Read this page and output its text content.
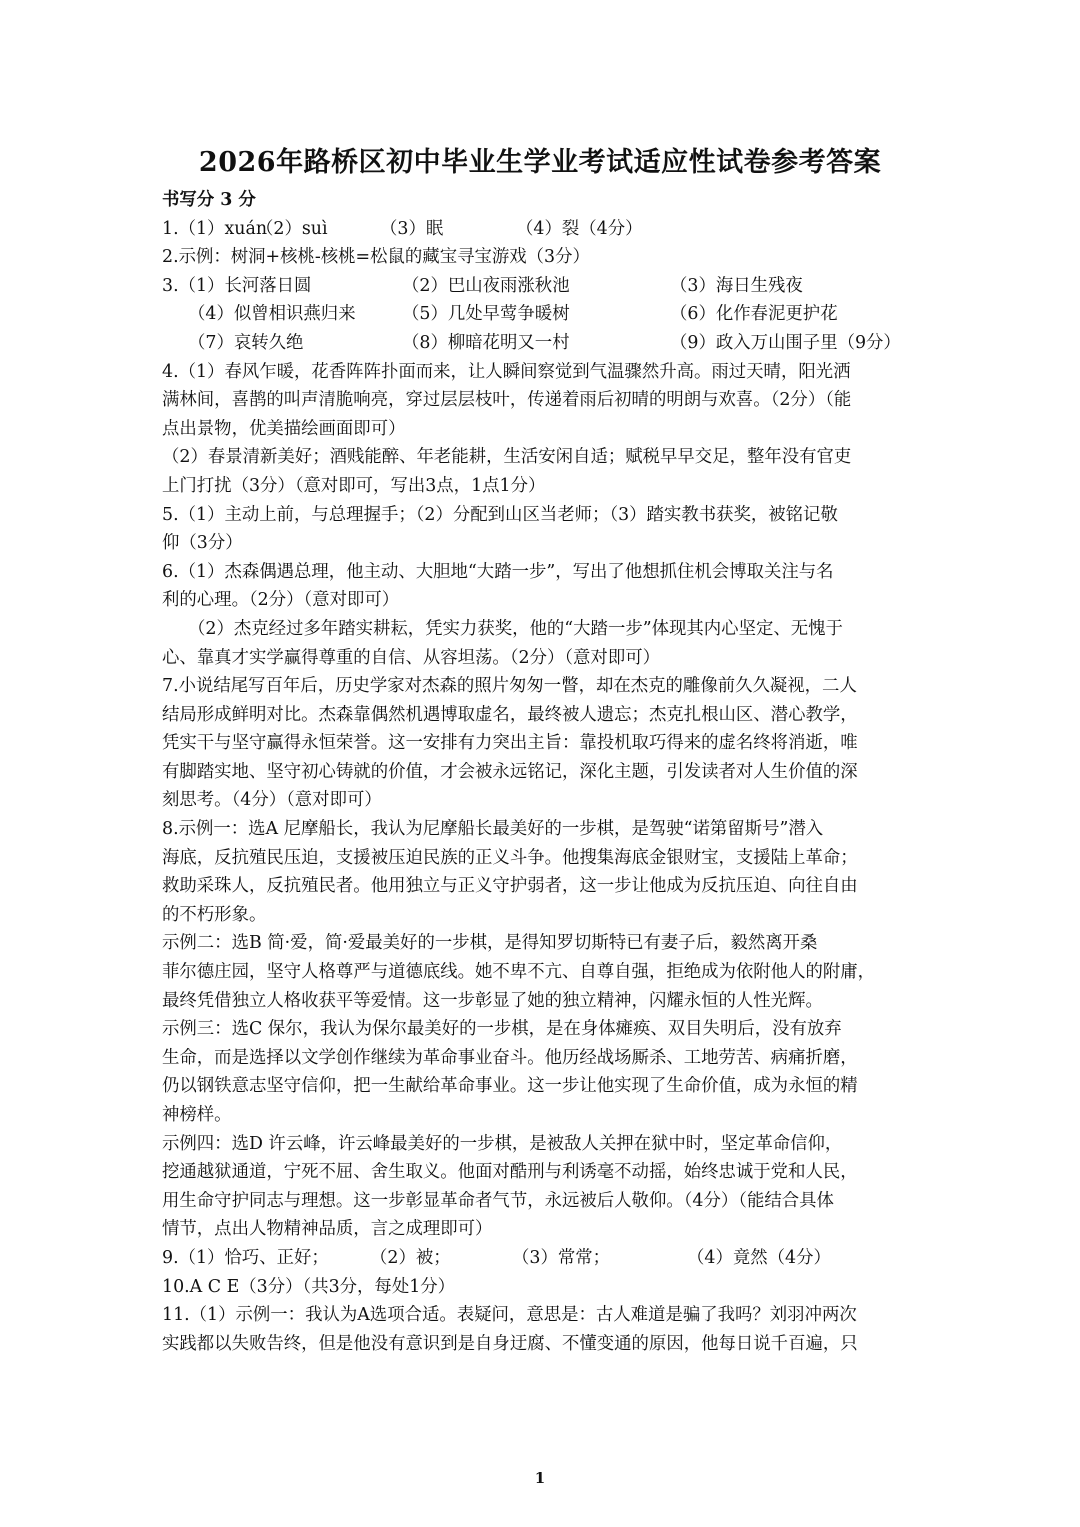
2026年路桥区初中毕业生学业考试适应性试卷参考答案
书写分 3 分
1.（1）xuán
（2）suì	（3）眠	（4）裂（4分）
2.示例：树洞+核桃-核桃=松鼠的藏宝寻宝游戏（3分）
3.（1）长河落日圆	（2）巴山夜雨涨秋池	（3）海日生残夜
（4）似曾相识燕归来	（5）几处早莺争暖树	（6）化作春泥更护花
（7）哀转久绝	（8）柳暗花明又一村	（9）政入万山围子里（9分）
4.（1）春风乍暖，花香阵阵扑面而来，让人瞬间察觉到气温骤然升高。雨过天晴，阳光洒
满林间，喜鹊的叫声清脆响亮，穿过层层枝叶，传递着雨后初晴的明朗与欢喜。（2分）（能
点出景物，优美描绘画面即可）
（2）春景清新美好；酒贱能醉、年老能耕，生活安闲自适；赋税早早交足，整年没有官吏
上门打扰（3分）（意对即可，写出3点，1点1分）
5.（1）主动上前，与总理握手；（2）分配到山区当老师；（3）踏实教书获奖，被铭记敬
仰（3分）
6.（1）杰森偶遇总理，他主动、大胆地“大踏一步”，写出了他想抓住机会博取关注与名
利的心理。（2分）（意对即可）
（2）杰克经过多年踏实耕耘，凭实力获奖，他的“大踏一步”体现其内心坚定、无愧于
心、靠真才实学赢得尊重的自信、从容坦荡。（2分）（意对即可）
7.小说结尾写百年后，历史学家对杰森的照片匆匆一瞥，却在杰克的雕像前久久凝视，二人
结局形成鲜明对比。杰森靠偶然机遇博取虚名，最终被人遗忘；杰克扎根山区、潜心教学，
凭实干与坚守赢得永恒荣誉。这一安排有力突出主旨：靠投机取巧得来的虚名终将消逝，唯
有脚踏实地、坚守初心铸就的价值，才会被永远铭记，深化主题，引发读者对人生价值的深
刻思考。（4分）（意对即可）
8.示例一：选A 尼摩船长，我认为尼摩船长最美好的一步棋，是驾驶“诺第留斯号”潜入
海底，反抗殖民压迫，支援被压迫民族的正义斗争。他搜集海底金银财宝，支援陆上革命；
救助采珠人，反抗殖民者。他用独立与正义守护弱者，这一步让他成为反抗压迫、向往自由
的不朽形象。
示例二：选B 简·爱，简·爱最美好的一步棋，是得知罗切斯特已有妻子后，毅然离开桑
菲尔德庄园，坚守人格尊严与道德底线。她不卑不亢、自尊自强，拒绝成为依附他人的附庸，
最终凭借独立人格收获平等爱情。这一步彰显了她的独立精神，闪耀永恒的人性光辉。
示例三：选C 保尔，我认为保尔最美好的一步棋，是在身体瘫痪、双目失明后，没有放弃
生命，而是选择以文学创作继续为革命事业奋斗。他历经战场厮杀、工地劳苦、病痛折磨，
仍以钢铁意志坚守信仰，把一生献给革命事业。这一步让他实现了生命价值，成为永恒的精
神榜样。
示例四：选D 许云峰，许云峰最美好的一步棋，是被敌人关押在狱中时，坚定革命信仰，
挖通越狱通道，宁死不屈、舍生取义。他面对酷刑与利诱毫不动摇，始终忠诚于党和人民，
用生命守护同志与理想。这一步彰显革命者气节，永远被后人敬仰。（4分）（能结合具体
情节，点出人物精神品质，言之成理即可）
9.（1）恰巧、正好；	（2）被；	（3）常常；	（4）竟然（4分）
10.A C E（3分）（共3分，每处1分）
11.（1）示例一：我认为A选项合适。表疑问，意思是：古人难道是骗了我吗？刘羽冲两次
实践都以失败告终，但是他没有意识到是自身迂腐、不懂变通的原因，他每日说千百遍，只
1
